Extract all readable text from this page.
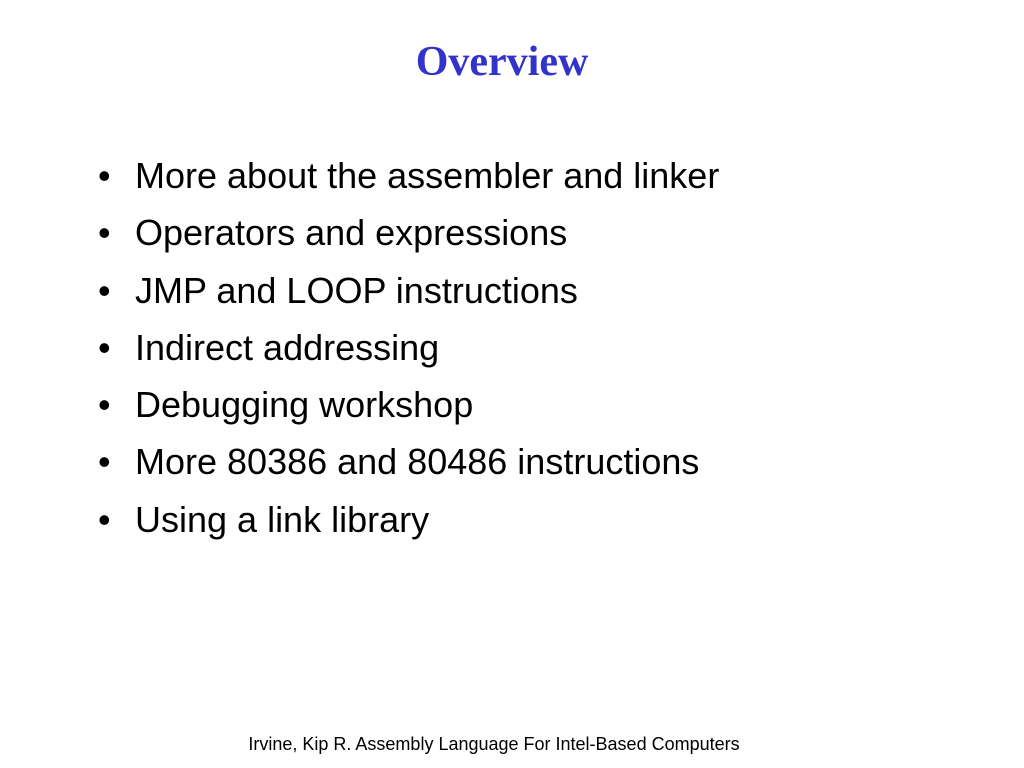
Overview
• More about the assembler and linker
• Operators and expressions
• JMP and LOOP instructions
• Indirect addressing
• Debugging workshop
• More 80386 and 80486 instructions
• Using a link library
Irvine, Kip R. Assembly Language For Intel-Based Computers
